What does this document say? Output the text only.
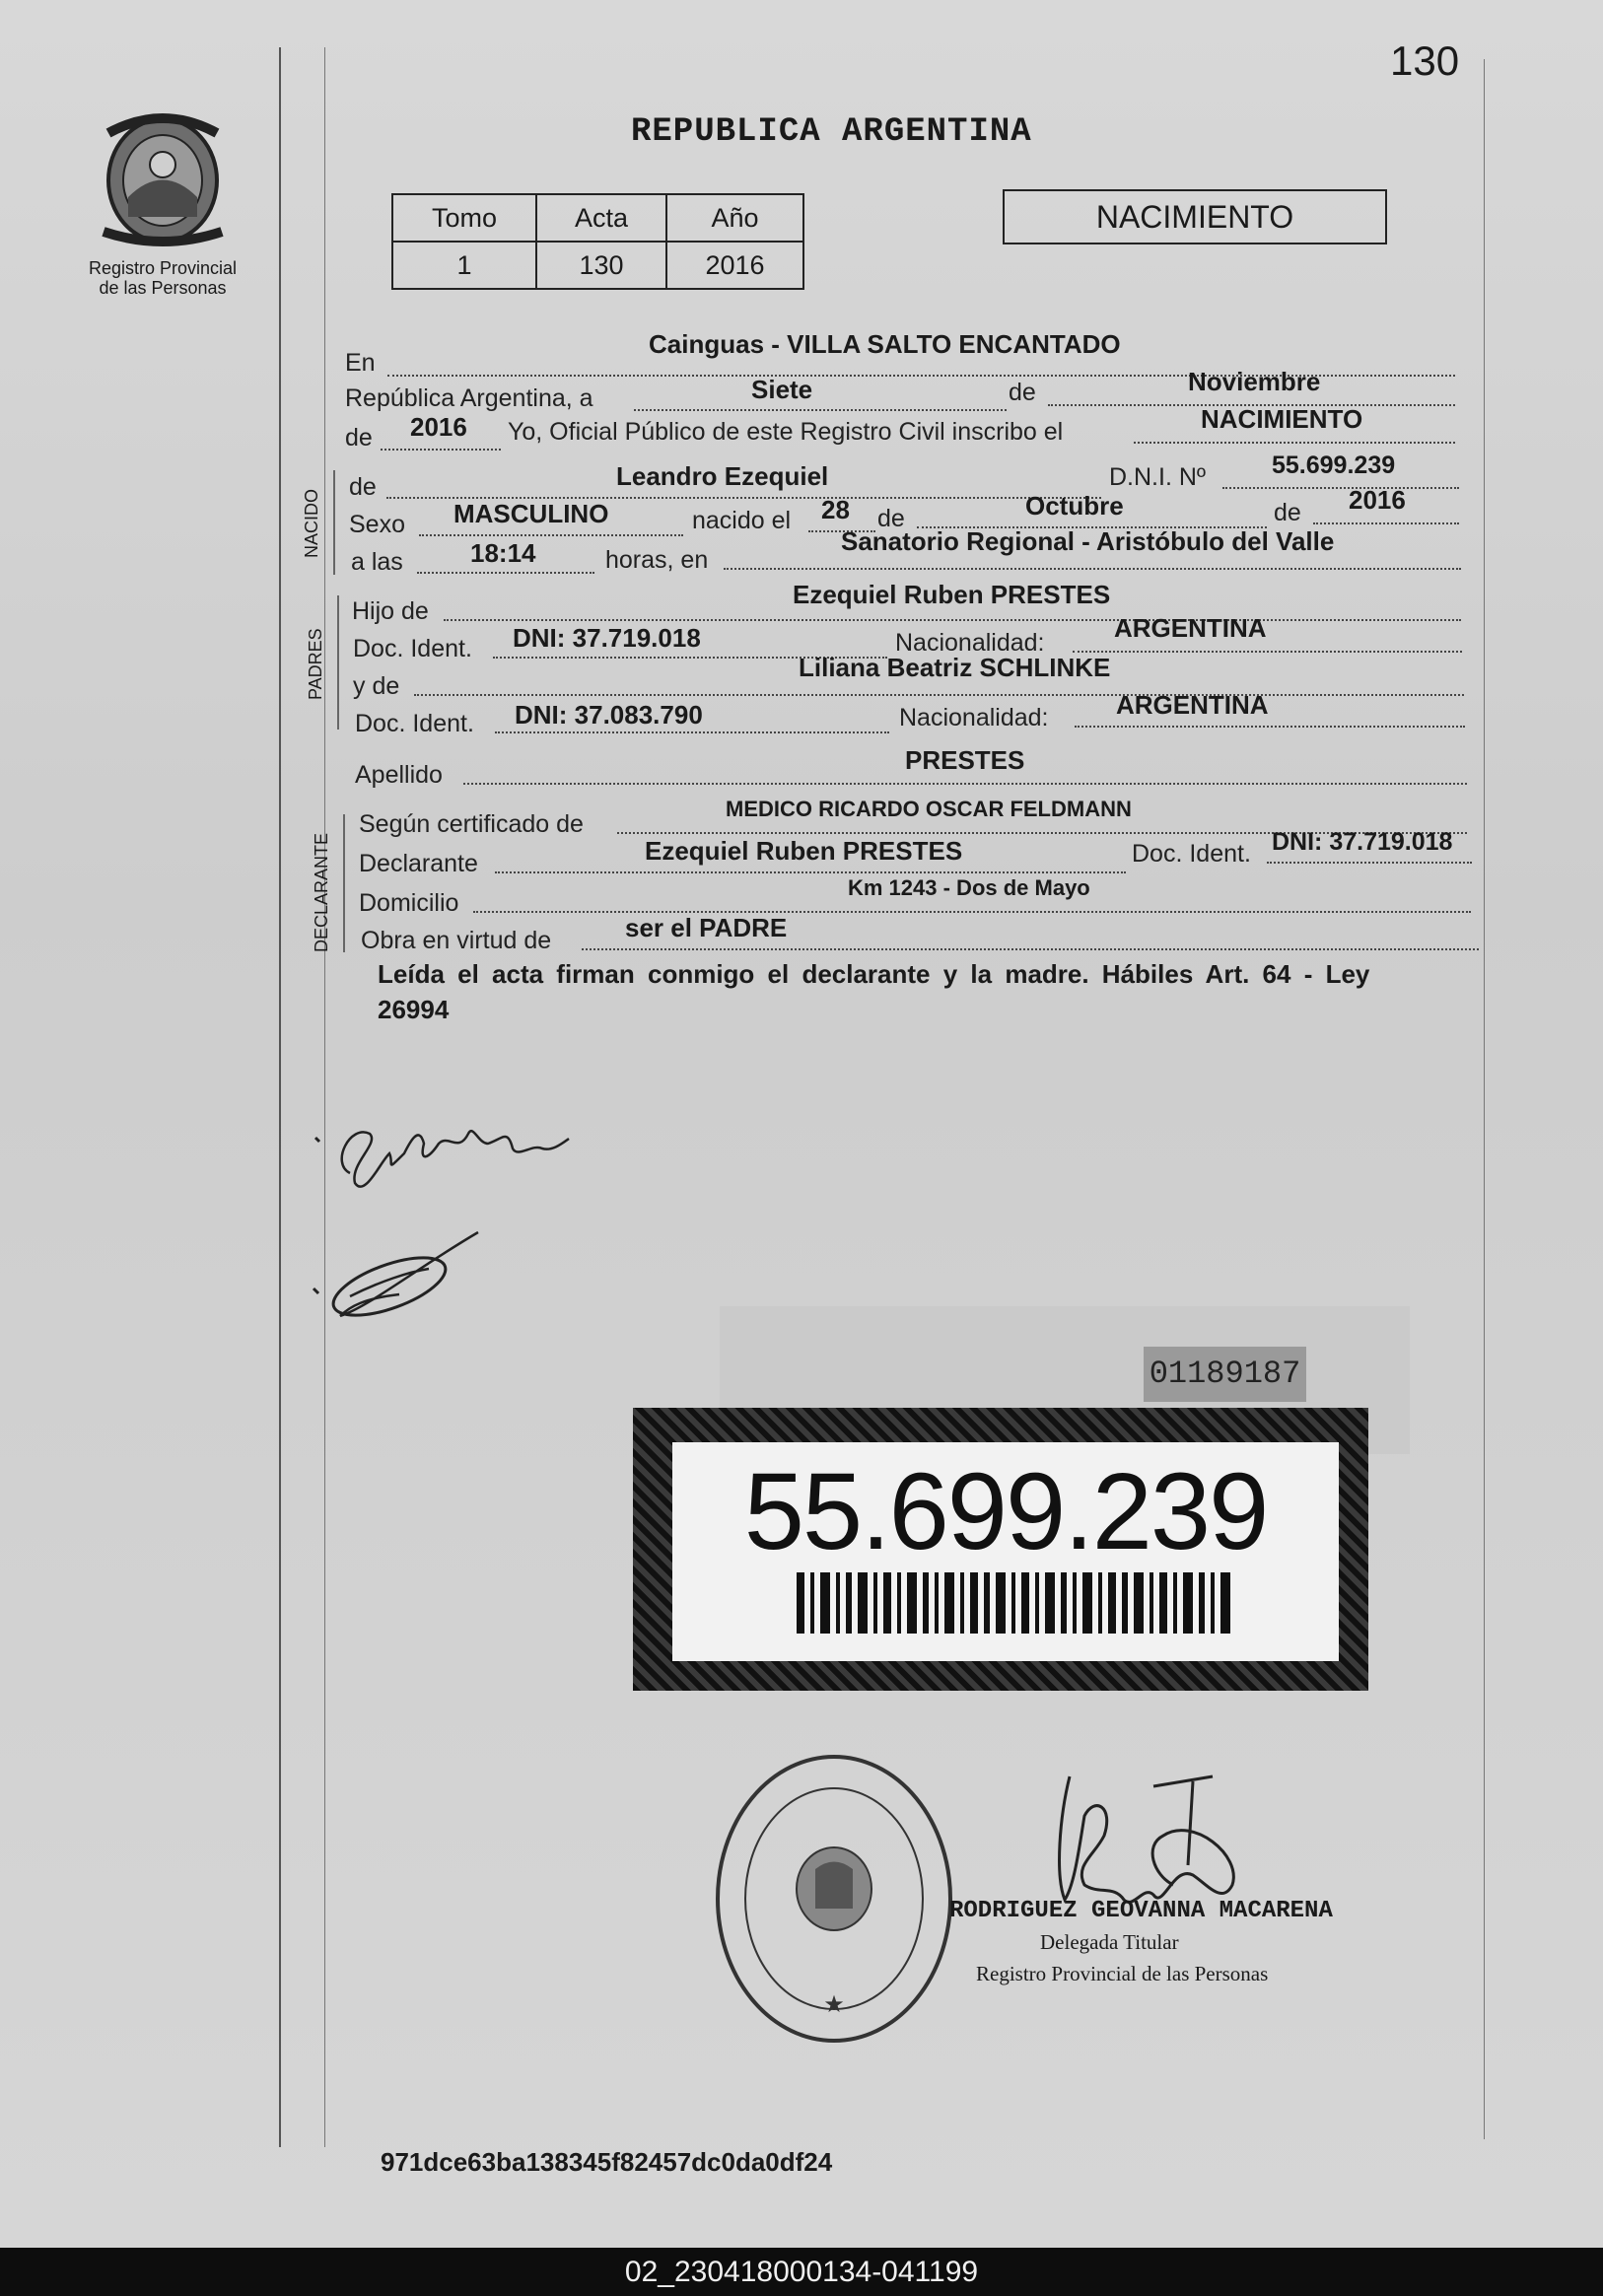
130
Registro Provincial
de las Personas
REPUBLICA ARGENTINA
Tomo	Acta	Año
1	130	2016
NACIMIENTO
En
Cainguas - VILLA SALTO ENCANTADO
República Argentina, a	Siete	de	Noviembre
de 2016 Yo, Oficial Público de este Registro Civil inscribo el	NACIMIENTO
NACIDO
de	Leandro Ezequiel	D.N.I. Nº	55.699.239
Sexo MASCULINO	nacido el 28 de	Octubre	de 2016
a las	18:14	horas, en
Sanatorio Regional - Aristóbulo del Valle
PADRES
Hijo de
Ezequiel Ruben PRESTES
Doc. Ident. DNI: 37.719.018	Nacionalidad:	ARGENTINA
y de
Liliana Beatriz SCHLINKE
Doc. Ident. DNI: 37.083.790	Nacionalidad:	ARGENTINA
Apellido	PRESTES
DECLARANTE
Según certificado de
MEDICO RICARDO OSCAR FELDMANN
Declarante	Ezequiel Ruben PRESTES	Doc. Ident. DNI: 37.719.018
Domicilio
Km 1243 - Dos de Mayo
Obra en virtud de	ser el PADRE
Leída el acta firman conmigo el declarante y la madre. Hábiles Art. 64 - Ley 26994
01189187
55.699.239
★
RODRIGUEZ GEOVANNA MACARENA
Delegada Titular
Registro Provincial de las Personas
971dce63ba138345f82457dc0da0df24
02_230418000134-041199
